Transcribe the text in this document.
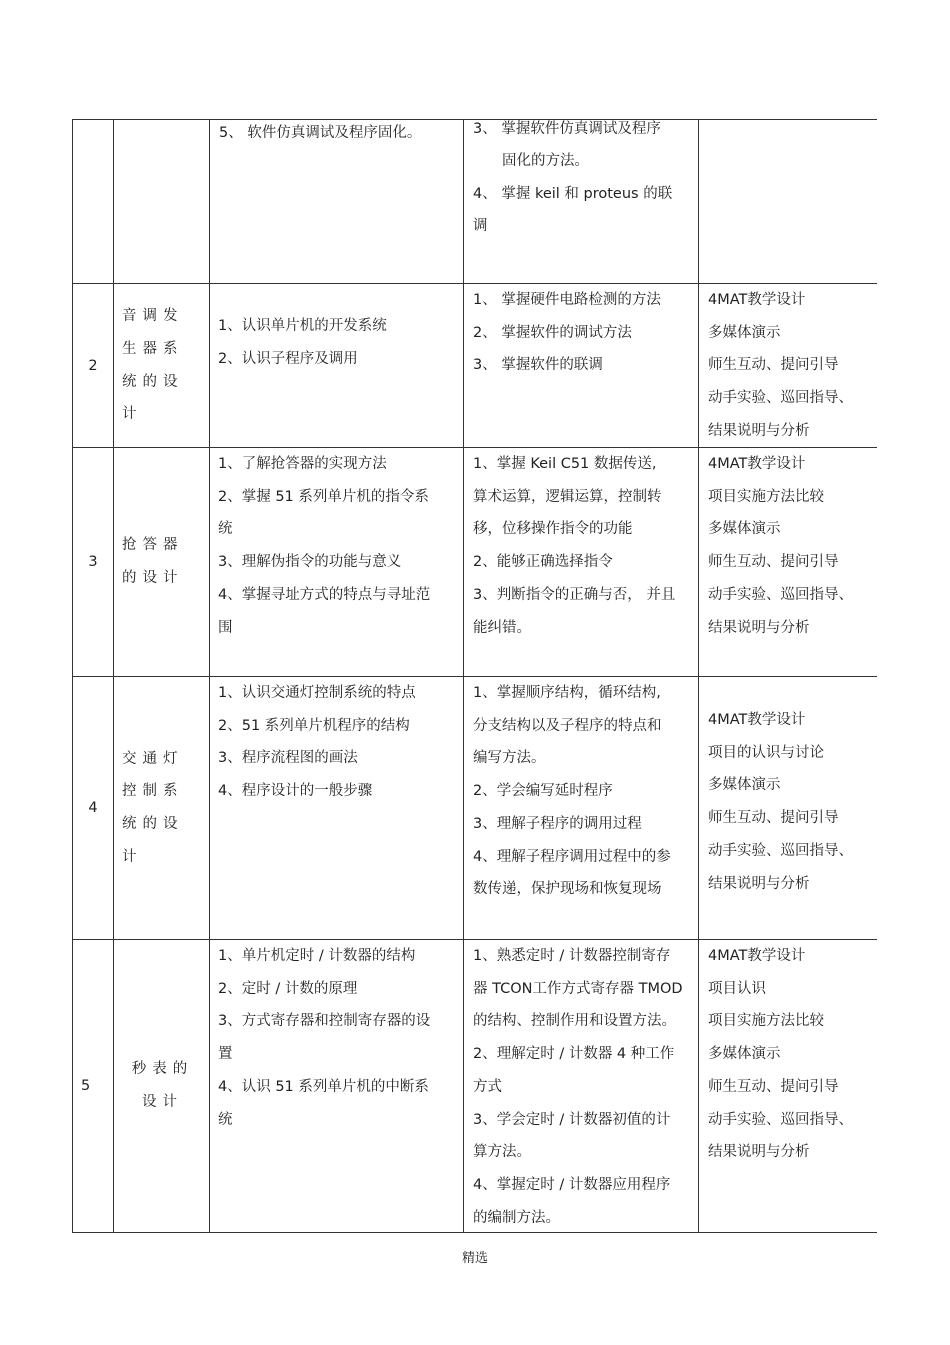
5、 软件仿真调试及程序固化。	3、 掌握软件仿真调试及程序
　　固化的方法。
4、 掌握 keil 和 proteus 的联
调
2
音调发生器系统的设计
1、认识单片机的开发系统
2、认识子程序及调用
1、 掌握硬件电路检测的方法
2、 掌握软件的调试方法
3、 掌握软件的联调
4MAT教学设计
多媒体演示
师生互动、提问引导
动手实验、巡回指导、
结果说明与分析
3
抢答器的设计
1、了解抢答器的实现方法
2、掌握 51 系列单片机的指令系
统
3、理解伪指令的功能与意义
4、掌握寻址方式的特点与寻址范
围
1、掌握 Keil C51 数据传送,
算术运算，逻辑运算，控制转
移，位移操作指令的功能
2、能够正确选择指令
3、判断指令的正确与否， 并且
能纠错。
4MAT教学设计
项目实施方法比较
多媒体演示
师生互动、提问引导
动手实验、巡回指导、
结果说明与分析
4
交通灯控制系统的设计
1、认识交通灯控制系统的特点
2、51 系列单片机程序的结构
3、程序流程图的画法
4、程序设计的一般步骤
1、掌握顺序结构，循环结构,
分支结构以及子程序的特点和
编写方法。
2、学会编写延时程序
3、理解子程序的调用过程
4、理解子程序调用过程中的参
数传递，保护现场和恢复现场
4MAT教学设计
项目的认识与讨论
多媒体演示
师生互动、提问引导
动手实验、巡回指导、
结果说明与分析
5
秒表的设计
1、单片机定时 / 计数器的结构
2、定时 / 计数的原理
3、方式寄存器和控制寄存器的设
置
4、认识 51 系列单片机的中断系
统
1、熟悉定时 / 计数器控制寄存
器 TCON工作方式寄存器 TMOD
的结构、控制作用和设置方法。
2、理解定时 / 计数器 4 种工作
方式
3、学会定时 / 计数器初值的计
算方法。
4、掌握定时 / 计数器应用程序
的编制方法。
4MAT教学设计
项目认识
项目实施方法比较
多媒体演示
师生互动、提问引导
动手实验、巡回指导、
结果说明与分析
精选
